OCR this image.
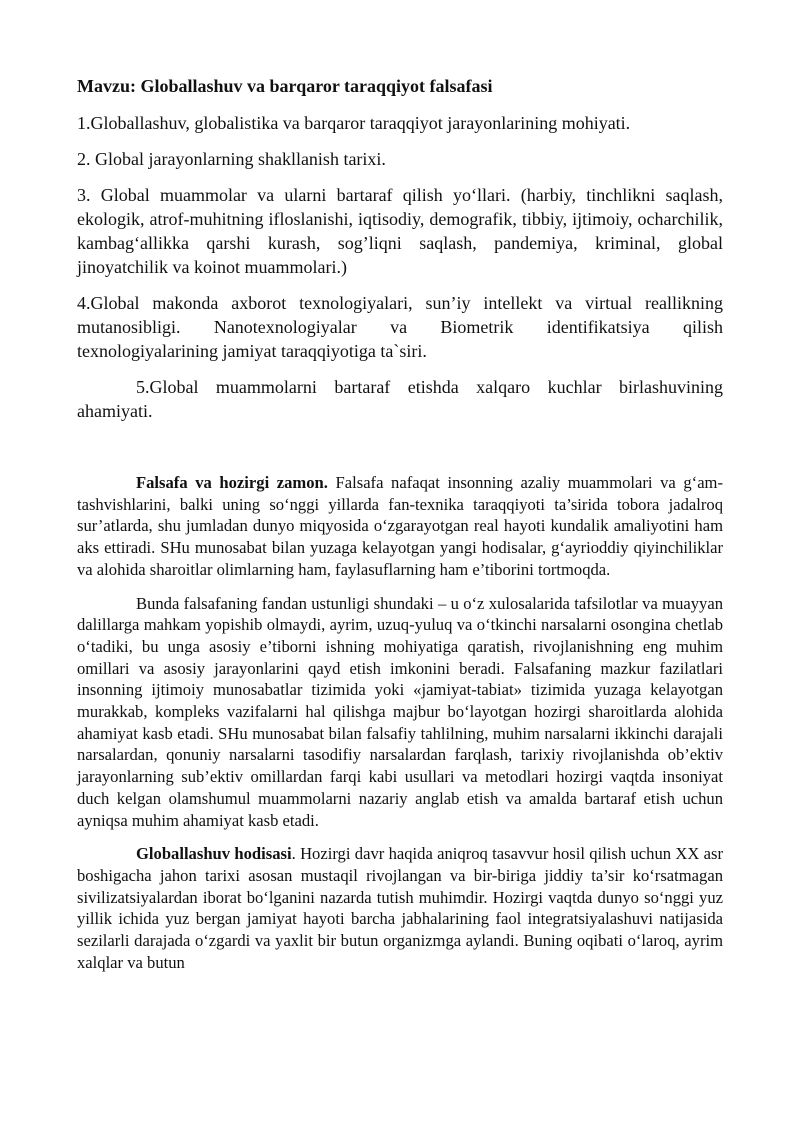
Mavzu: Globallashuv va barqaror taraqqiyot falsafasi
1.Globallashuv, globalistika va barqaror taraqqiyot jarayonlarining mohiyati.
2. Global jarayonlarning shakllanish tarixi.
3. Global muammolar va ularni bartaraf qilish yo‘llari. (harbiy, tinchlikni saqlash, ekologik, atrof-muhitning ifloslanishi, iqtisodiy, demografik, tibbiy, ijtimoiy, ocharchilik, kambag‘allikka qarshi kurash, sog’liqni saqlash, pandemiya, kriminal, global jinoyatchilik va koinot muammolari.)
4.Global makonda axborot texnologiyalari, sun’iy intellekt va virtual reallikning mutanosibligi. Nanotexnologiyalar va Biometrik identifikatsiya qilish texnologiyalarining jamiyat taraqqiyotiga ta`siri.
5.Global muammolarni bartaraf etishda xalqaro kuchlar birlashuvining ahamiyati.

Falsafa va hozirgi zamon. Falsafa nafaqat insonning azaliy muammolari va g‘am-tashvishlarini, balki uning so‘nggi yillarda fan-texnika taraqqiyoti ta’sirida tobora jadalroq sur’atlarda, shu jumladan dunyo miqyosida o‘zgarayotgan real hayoti kundalik amaliyotini ham aks ettiradi. SHu munosabat bilan yuzaga kelayotgan yangi hodisalar, g‘ayrioddiy qiyinchiliklar va alohida sharoitlar olimlarning ham, faylasuflarning ham e’tiborini tortmoqda.

Bunda falsafaning fandan ustunligi shundaki – u o‘z xulosalarida tafsilotlar va muayyan dalillarga mahkam yopishib olmaydi, ayrim, uzuq-yuluq va o‘tkinchi narsalarni osongina chetlab o‘tadiki, bu unga asosiy e’tiborni ishning mohiyatiga qaratish, rivojlanishning eng muhim omillari va asosiy jarayonlarini qayd etish imkonini beradi. Falsafaning mazkur fazilatlari insonning ijtimoiy munosabatlar tizimida yoki «jamiyat-tabiat» tizimida yuzaga kelayotgan murakkab, kompleks vazifalarni hal qilishga majbur bo‘layotgan hozirgi sharoitlarda alohida ahamiyat kasb etadi. SHu munosabat bilan falsafiy tahlilning, muhim narsalarni ikkinchi darajali narsalardan, qonuniy narsalarni tasodifiy narsalardan farqlash, tarixiy rivojlanishda ob’ektiv jarayonlarning sub’ektiv omillardan farqi kabi usullari va metodlari hozirgi vaqtda insoniyat duch kelgan olamshumul muammolarni nazariy anglab etish va amalda bartaraf etish uchun ayniqsa muhim ahamiyat kasb etadi.

Globallashuv hodisasi. Hozirgi davr haqida aniqroq tasavvur hosil qilish uchun XX asr boshigacha jahon tarixi asosan mustaqil rivojlangan va bir-biriga jiddiy ta’sir ko‘rsatmagan sivilizatsiyalardan iborat bo‘lganini nazarda tutish muhimdir. Hozirgi vaqtda dunyo so‘nggi yuz yillik ichida yuz bergan jamiyat hayoti barcha jabhalarining faol integratsiyalashuvi natijasida sezilarli darajada o‘zgardi va yaxlit bir butun organizmga aylandi. Buning oqibati o‘laroq, ayrim xalqlar va butun
